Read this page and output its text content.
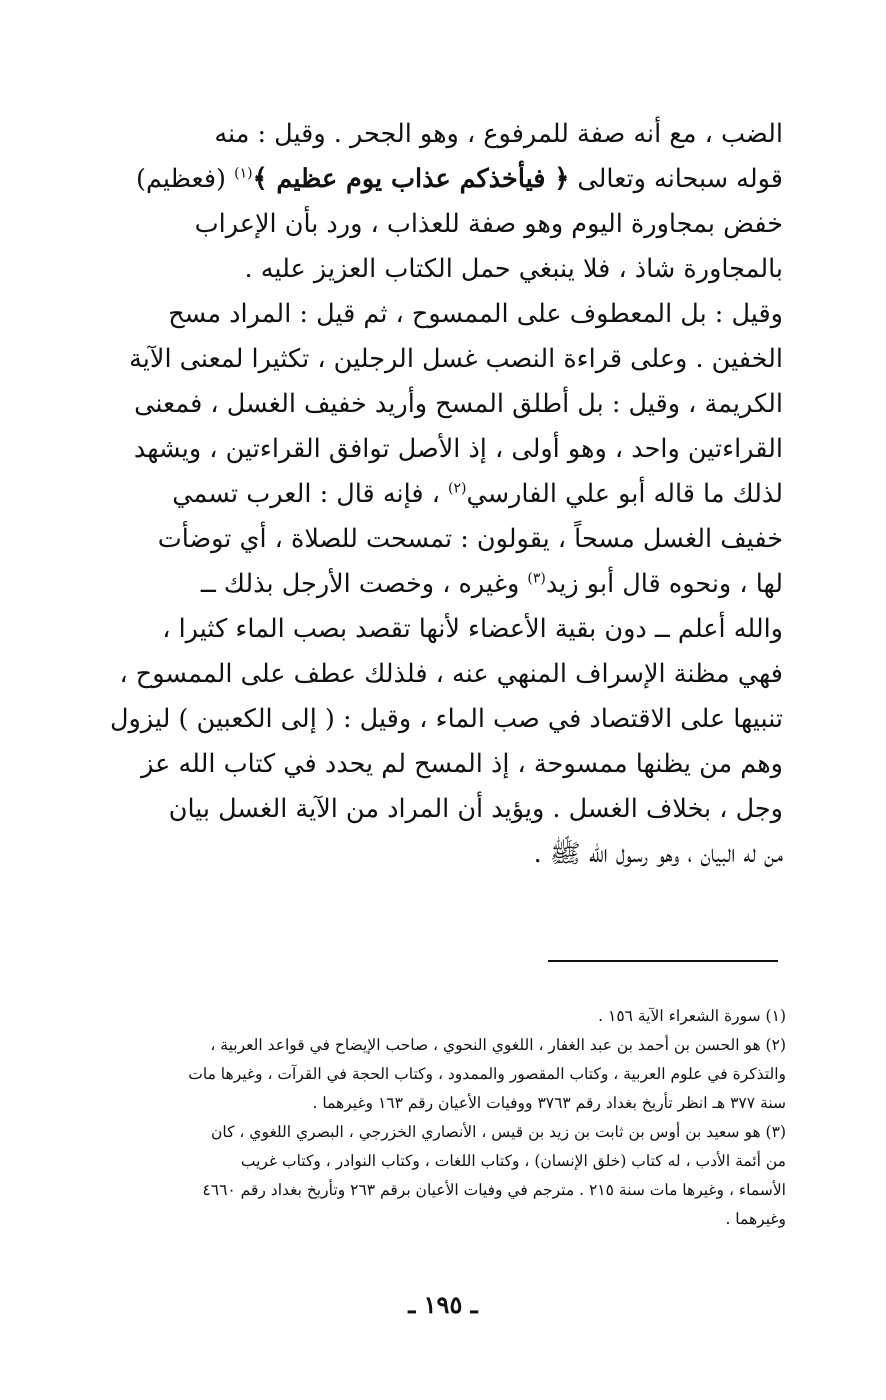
الضب ، مع أنه صفة للمرفوع ، وهو الجحر . وقيل : منه
قوله سبحانه وتعالى ﴿ فيأخذكم عذاب يوم عظيم ﴾$^{(١)}$ (فعظيم)
خفض بمجاورة اليوم وهو صفة للعذاب ، ورد بأن الإعراب
بالمجاورة شاذ ، فلا ينبغي حمل الكتاب العزيز عليه .
وقيل : بل المعطوف على الممسوح ، ثم قيل : المراد مسح
الخفين . وعلى قراءة النصب غسل الرجلين ، تكثيرا لمعنى الآية
الكريمة ، وقيل : بل أطلق المسح وأريد خفيف الغسل ، فمعنى
القراءتين واحد ، وهو أولى ، إذ الأصل توافق القراءتين ، ويشهد
لذلك ما قاله أبو علي الفارسي$^{(٢)}$ ، فإنه قال : العرب تسمي
خفيف الغسل مسحاً ، يقولون : تمسحت للصلاة ، أي توضأت
لها ، ونحوه قال أبو زيد$^{(٣)}$ وغيره ، وخصت الأرجل بذلك ــ
والله أعلم ــ دون بقية الأعضاء لأنها تقصد بصب الماء كثيرا ،
فهي مظنة الإسراف المنهي عنه ، فلذلك عطف على الممسوح ،
تنبيها على الاقتصاد في صب الماء ، وقيل : ( إلى الكعبين ) ليزول
وهم من يظنها ممسوحة ، إذ المسح لم يحدد في كتاب الله عز
وجل ، بخلاف الغسل . ويؤيد أن المراد من الآية الغسل بيان
من له البيان ، وهو رسول الله ﷺ .
(١) سورة الشعراء الآية ١٥٦ .
(٢) هو الحسن بن أحمد بن عبد الغفار ، اللغوي النحوي ، صاحب الإيضاح في قواعد العربية ،
والتذكرة في علوم العربية ، وكتاب المقصور والممدود ، وكتاب الحجة في القرآت ، وغيرها مات
سنة ٣٧٧ هـ انظر تأريخ بغداد رقم ٣٧٦٣ ووفيات الأعيان رقم ١٦٣ وغيرهما .
(٣) هو سعيد بن أوس بن ثابت بن زيد بن قيس ، الأنصاري الخزرجي ، البصري اللغوي ، كان
من أئمة الأدب ، له كتاب (خلق الإنسان) ، وكتاب اللغات ، وكتاب النوادر ، وكتاب غريب
الأسماء ، وغيرها مات سنة ٢١٥ . مترجم في وفيات الأعيان برقم ٢٦٣ وتأريخ بغداد رقم ٤٦٦٠
وغيرهما .
ـ ١٩٥ ـ
